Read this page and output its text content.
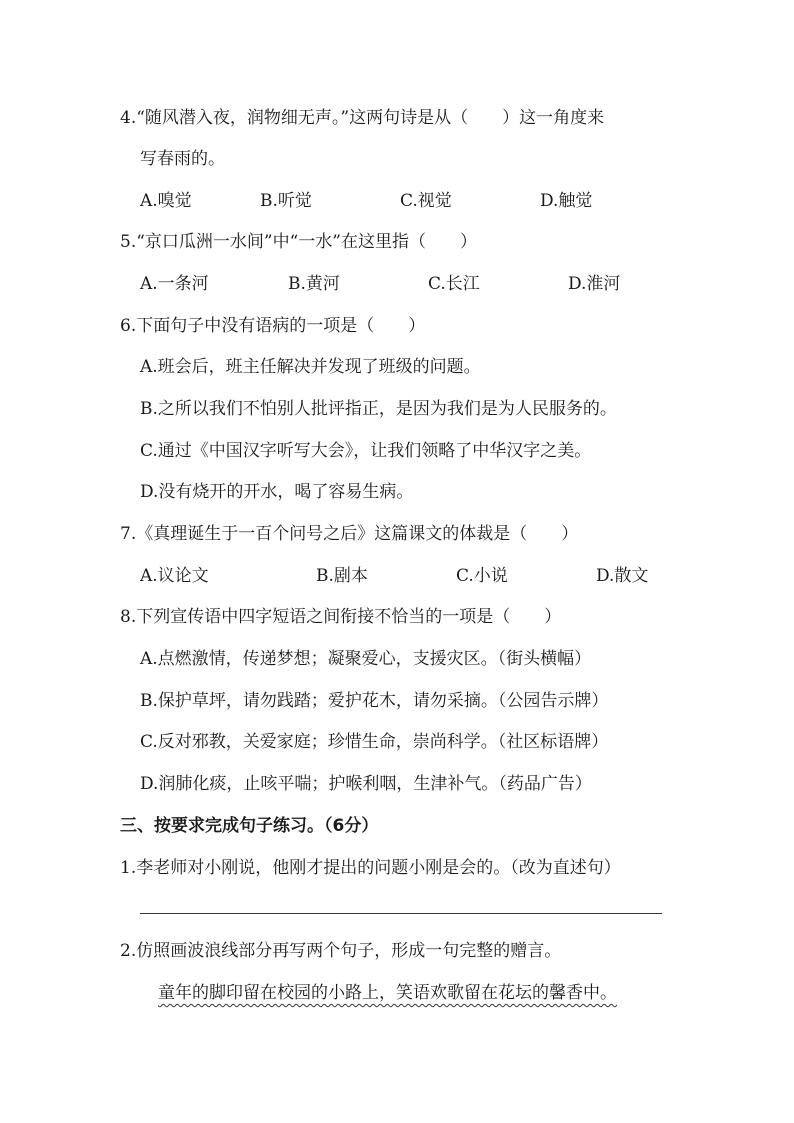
4.“随风潜入夜，润物细无声。”这两句诗是从（　　）这一角度来
写春雨的。
A.嗅觉	B.听觉	C.视觉	D.触觉
5.“京口瓜洲一水间”中“一水”在这里指（　　）
A.一条河	B.黄河	C.长江	D.淮河
6.下面句子中没有语病的一项是（　　）
A.班会后，班主任解决并发现了班级的问题。
B.之所以我们不怕别人批评指正，是因为我们是为人民服务的。
C.通过《中国汉字听写大会》，让我们领略了中华汉字之美。
D.没有烧开的开水，喝了容易生病。
7.《真理诞生于一百个问号之后》这篇课文的体裁是（　　）
A.议论文	B.剧本	C.小说	D.散文
8.下列宣传语中四字短语之间衔接不恰当的一项是（　　）
A.点燃激情，传递梦想；凝聚爱心，支援灾区。（街头横幅）
B.保护草坪，请勿践踏；爱护花木，请勿采摘。（公园告示牌）
C.反对邪教，关爱家庭；珍惜生命，崇尚科学。（社区标语牌）
D.润肺化痰，止咳平喘；护喉利咽，生津补气。（药品广告）
三、按要求完成句子练习。（6分）
1.李老师对小刚说，他刚才提出的问题小刚是会的。（改为直述句）
2.仿照画波浪线部分再写两个句子，形成一句完整的赠言。
童年的脚印留在校园的小路上，笑语欢歌留在花坛的馨香中。
